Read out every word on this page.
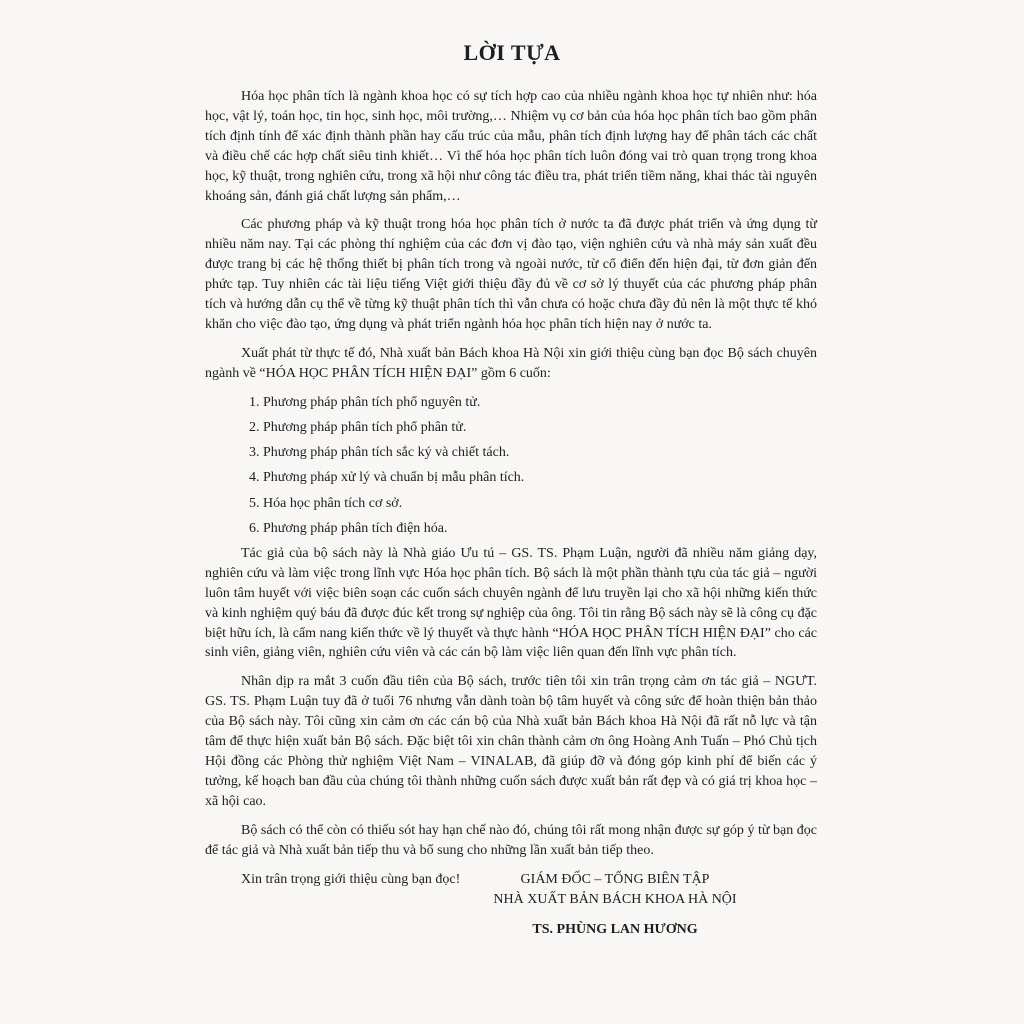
LỜI TỰA

Hóa học phân tích là ngành khoa học có sự tích hợp cao của nhiều ngành khoa học tự nhiên như: hóa học, vật lý, toán học, tin học, sinh học, môi trường,… Nhiệm vụ cơ bản của hóa học phân tích bao gồm phân tích định tính để xác định thành phần hay cấu trúc của mẫu, phân tích định lượng hay để phân tách các chất và điều chế các hợp chất siêu tinh khiết… Vì thế hóa học phân tích luôn đóng vai trò quan trọng trong khoa học, kỹ thuật, trong nghiên cứu, trong xã hội như công tác điều tra, phát triển tiềm năng, khai thác tài nguyên khoáng sản, đánh giá chất lượng sản phẩm,…

Các phương pháp và kỹ thuật trong hóa học phân tích ở nước ta đã được phát triển và ứng dụng từ nhiều năm nay. Tại các phòng thí nghiệm của các đơn vị đào tạo, viện nghiên cứu và nhà máy sản xuất đều được trang bị các hệ thống thiết bị phân tích trong và ngoài nước, từ cổ điển đến hiện đại, từ đơn giản đến phức tạp. Tuy nhiên các tài liệu tiếng Việt giới thiệu đầy đủ về cơ sở lý thuyết của các phương pháp phân tích và hướng dẫn cụ thể về từng kỹ thuật phân tích thì vẫn chưa có hoặc chưa đầy đủ nên là một thực tế khó khăn cho việc đào tạo, ứng dụng và phát triển ngành hóa học phân tích hiện nay ở nước ta.

Xuất phát từ thực tế đó, Nhà xuất bản Bách khoa Hà Nội xin giới thiệu cùng bạn đọc Bộ sách chuyên ngành về “HÓA HỌC PHÂN TÍCH HIỆN ĐẠI” gồm 6 cuốn:

1. Phương pháp phân tích phổ nguyên tử.
2. Phương pháp phân tích phổ phân tử.
3. Phương pháp phân tích sắc ký và chiết tách.
4. Phương pháp xử lý và chuẩn bị mẫu phân tích.
5. Hóa học phân tích cơ sở.
6. Phương pháp phân tích điện hóa.

Tác giả của bộ sách này là Nhà giáo Ưu tú – GS. TS. Phạm Luận, người đã nhiều năm giảng dạy, nghiên cứu và làm việc trong lĩnh vực Hóa học phân tích. Bộ sách là một phần thành tựu của tác giả – người luôn tâm huyết với việc biên soạn các cuốn sách chuyên ngành để lưu truyền lại cho xã hội những kiến thức và kinh nghiệm quý báu đã được đúc kết trong sự nghiệp của ông. Tôi tin rằng Bộ sách này sẽ là công cụ đặc biệt hữu ích, là cẩm nang kiến thức về lý thuyết và thực hành “HÓA HỌC PHÂN TÍCH HIỆN ĐẠI” cho các sinh viên, giảng viên, nghiên cứu viên và các cán bộ làm việc liên quan đến lĩnh vực phân tích.

Nhân dịp ra mắt 3 cuốn đầu tiên của Bộ sách, trước tiên tôi xin trân trọng cảm ơn tác giả – NGƯT. GS. TS. Phạm Luận tuy đã ở tuổi 76 nhưng vẫn dành toàn bộ tâm huyết và công sức để hoàn thiện bản thảo của Bộ sách này. Tôi cũng xin cảm ơn các cán bộ của Nhà xuất bản Bách khoa Hà Nội đã rất nỗ lực và tận tâm để thực hiện xuất bản Bộ sách. Đặc biệt tôi xin chân thành cảm ơn ông Hoàng Anh Tuấn – Phó Chủ tịch Hội đồng các Phòng thử nghiệm Việt Nam – VINALAB, đã giúp đỡ và đóng góp kinh phí để biến các ý tưởng, kế hoạch ban đầu của chúng tôi thành những cuốn sách được xuất bản rất đẹp và có giá trị khoa học – xã hội cao.

Bộ sách có thể còn có thiếu sót hay hạn chế nào đó, chúng tôi rất mong nhận được sự góp ý từ bạn đọc để tác giả và Nhà xuất bản tiếp thu và bổ sung cho những lần xuất bản tiếp theo.

Xin trân trọng giới thiệu cùng bạn đọc!	GIÁM ĐỐC – TỔNG BIÊN TẬP
NHÀ XUẤT BẢN BÁCH KHOA HÀ NỘI
TS. PHÙNG LAN HƯƠNG
